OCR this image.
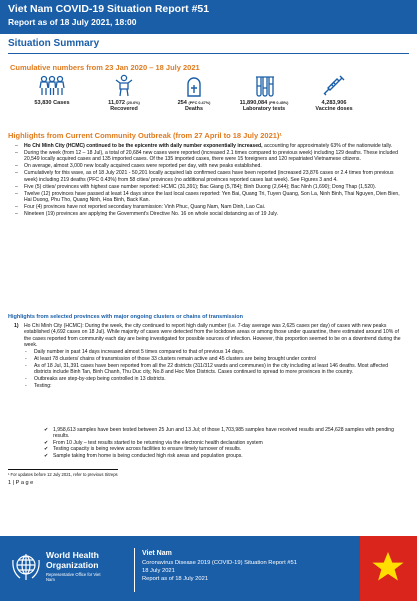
Viet Nam COVID-19 Situation Report #51
Report as of 18 July 2021, 18:00
Situation Summary
Cumulative numbers from 23 Jan 2020 – 18 July 2021
53,830 Cases	11,072 (20.6%)
Recovered
254 (PFC 0.47%)
Deaths
11,890,084 (PR 0.45%)
Laboratory tests
4,283,906
Vaccine doses
Highlights from Current Community Outbreak (from 27 April to 18 July 2021)¹
– Ho Chi Minh City (HCMC) continued to be the epicentre with daily number exponentially increased, accounting for approximately 63% of the nationwide tally.
– During the week (from 12 – 18 Jul), a total of 20,684 new cases were reported (increased 2.1 times compared to previous week) including 129 deaths. These included 20,549 locally acquired cases and 135 imported cases. Of the 135 imported cases, there were 15 foreigners and 120 repatriated Vietnamese citizens.
– On average, almost 3,000 new locally acquired cases were reported per day, with new peaks established.
– Cumulatively for this wave, as of 18 July 2021 - 50,201 locally acquired lab confirmed cases have been reported (increased 23,876 cases or 2.4 times from previous week) including 219 deaths (PFC 0.43%) from 58 cities/ provinces (no additional provinces reported cases last week). See Figures 3 and 4.
– Five (5) cities/ provinces with highest case number reported: HCMC (31,391); Bac Giang (5,784); Binh Duong (2,644); Bac Ninh (1,690); Dong Thap (1,520).
– Twelve (12) provinces have passed at least 14 days since the last local cases reported: Yen Bai, Quang Tri, Tuyen Quang, Son La, Ninh Binh, Thai Nguyen, Dien Bien, Hai Duong, Phu Tho, Quang Ninh, Hoa Binh, Back Kan.
– Four (4) provinces have not reported secondary transmission: Vinh Phuc, Quang Nam, Nam Dinh, Lao Cai.
– Nineteen (19) provinces are applying the Government's Directive No. 16 on whole social distancing as of 19 July.
Highlights from selected provinces with major ongoing clusters or chains of transmission
1) Ho Chi Minh City (HCMC): During the week, the city continued to report high daily number (i.e. 7-day average was 2,625 cases per day) of cases with new peaks established (4,692 cases on 18 Jul). While majority of cases were detected from the lockdown areas or among those under quarantine, there estimated around 10% of the cases reported from community each day are being investigated for possible sources of infection. However, this proportion seemed to be on a downtrend during the week.
- Daily number in past 14 days increased almost 5 times compared to that of previous 14 days.
- At least 78 clusters/ chains of transmission of those 33 clusters remain active and 45 clusters are being brought under control
- As of 18 Jul, 31,391 cases have been reported from all the 22 districts (311/312 wards and communes) in the city including at least 146 deaths. Most affected districts include Binh Tan, Binh Chanh, Thu Duc city, No.8 and Hoc Mon Districts. Cases continued to spread to more provinces in the country.
- Outbreaks are step-by-step being controlled in 13 districts.
- Testing:
✔ 1,958,613 samples have been tested between 25 Jun and 13 Jul; of those 1,703,985 samples have received results and 254,628 samples with pending results.
✔ From 10 July – test results started to be returning via the electronic health declaration system
✔ Testing capacity is being review across facilities to ensure timely turnover of results.
✔ Sample taking from home is being conducted high risk areas and population groups.
¹ For updates before 12 July 2021, refer to previous Sitreps
1 | P a g e
World Health Organization
Representative Office for Viet Nam
Viet Nam
Coronavirus Disease 2019 (COVID-19) Situation Report #51
18 July 2021
Report as of 18 July 2021
